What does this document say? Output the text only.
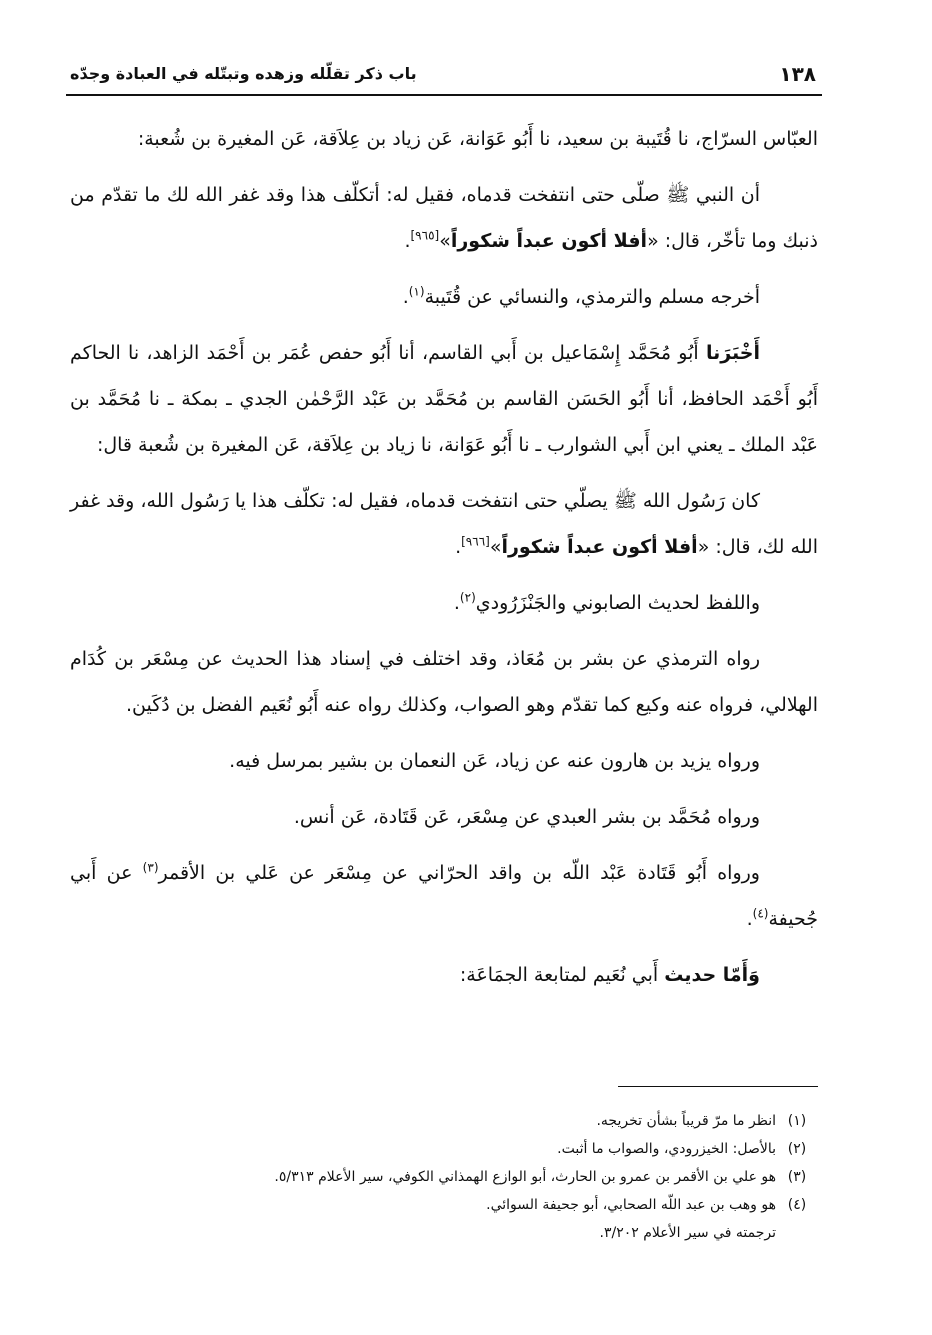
١٣٨
باب ذكر تقلّله وزهده وتبتّله في العبادة وجدّه

العبّاس السرّاج، نا قُتَيبة بن سعيد، نا أَبُو عَوَانة، عَن زياد بن عِلاَقة، عَن المغيرة بن شُعبة:

أن النبي ﷺ صلّى حتى انتفخت قدماه، فقيل له: أتكلّف هذا وقد غفر الله لك ما تقدّم من ذنبك وما تأخّر، قال: «أفلا أكون عبداً شكوراً»[٩٦٥].

أخرجه مسلم والترمذي، والنسائي عن قُتَيبة$^{(١)}$.

أَخْبَرَنا أَبُو مُحَمَّد إِسْمَاعيل بن أَبي القاسم، أنا أَبُو حفص عُمَر بن أَحْمَد الزاهد، نا الحاكم أَبُو أَحْمَد الحافظ، أنا أَبُو الحَسَن القاسم بن مُحَمَّد بن عَبْد الرَّحْمٰن الجدي ـ بمكة ـ نا مُحَمَّد بن عَبْد الملك ـ يعني ابن أَبي الشوارب ـ نا أَبُو عَوَانة، نا زياد بن عِلاَقة، عَن المغيرة بن شُعبة قال:

كان رَسُول الله ﷺ يصلّي حتى انتفخت قدماه، فقيل له: تكلّف هذا يا رَسُول الله، وقد غفر الله لك، قال: «أفلا أكون عبداً شكوراً»[٩٦٦].

واللفظ لحديث الصابوني والجَنْزَرُودي$^{(٢)}$.

رواه الترمذي عن بشر بن مُعَاذ، وقد اختلف في إسناد هذا الحديث عن مِسْعَر بن كُدَام الهلالي، فرواه عنه وكيع كما تقدّم وهو الصواب، وكذلك رواه عنه أَبُو نُعَيم الفضل بن دُكَين.

ورواه يزيد بن هارون عنه عن زياد، عَن النعمان بن بشير بمرسل فيه.

ورواه مُحَمَّد بن بشر العبدي عن مِسْعَر، عَن قَتَادة، عَن أنس.

ورواه أَبُو قَتَادة عَبْد اللّه بن واقد الحرّاني عن مِسْعَر عن عَلي بن الأقمر$^{(٣)}$ عن أَبي جُحيفة$^{(٤)}$.

وَأَمّا حديث أَبي نُعَيم لمتابعة الجمَاعَة:

(١)
انظر ما مرّ قريباً بشأن تخريجه.
(٢)
بالأصل: الخيزرودي، والصواب ما أثبت.
(٣)
هو علي بن الأقمر بن عمرو بن الحارث، أبو الوازع الهمذاني الكوفي، سير الأعلام ٥/٣١٣.
(٤)
هو وهب بن عبد اللّه الصحابي، أبو جحيفة السوائي.
ترجمته في سير الأعلام ٣/٢٠٢.
